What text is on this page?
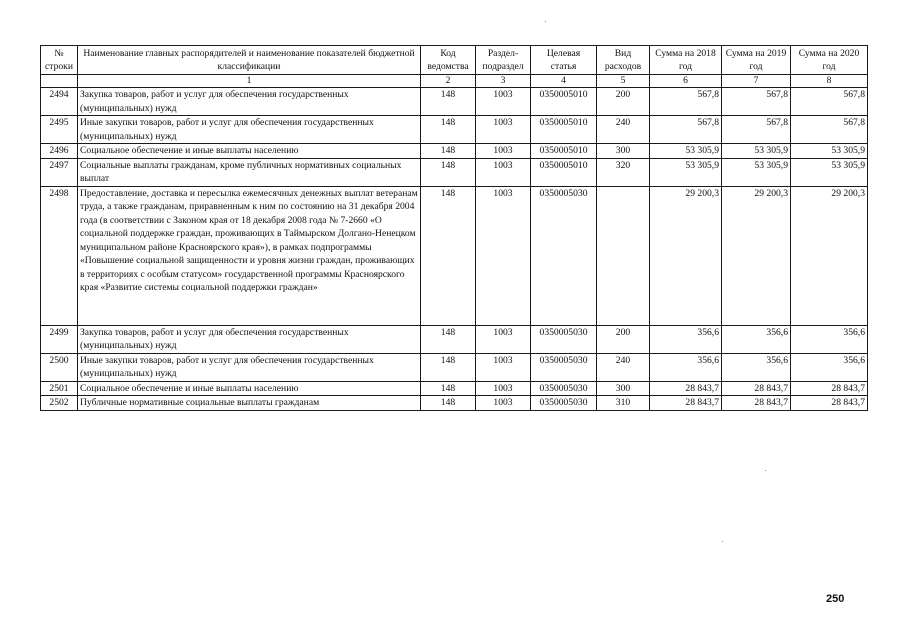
№ строки	Наименование главных распорядителей и наименование показателей бюджетной классификации	Код ведомства	Раздел-подраздел	Целевая статья	Вид расходов	Сумма на 2018 год	Сумма на 2019 год	Сумма на 2020 год
	1	2	3	4	5	6	7	8
2494	Закупка товаров, работ и услуг для обеспечения государственных (муниципальных) нужд	148	1003	0350005010	200	567,8	567,8	567,8
2495	Иные закупки товаров, работ и услуг для обеспечения государственных (муниципальных) нужд	148	1003	0350005010	240	567,8	567,8	567,8
2496	Социальное обеспечение и иные выплаты населению	148	1003	0350005010	300	53 305,9	53 305,9	53 305,9
2497	Социальные выплаты гражданам, кроме публичных нормативных социальных выплат	148	1003	0350005010	320	53 305,9	53 305,9	53 305,9
2498	Предоставление, доставка и пересылка ежемесячных денежных выплат ветеранам труда, а также гражданам, приравненным к ним по состоянию на 31 декабря 2004 года (в соответствии с Законом края от 18 декабря 2008 года № 7-2660 «О социальной поддержке граждан, проживающих в Таймырском Долгано-Ненецком муниципальном районе Красноярского края»), в рамках подпрограммы «Повышение социальной защищенности и уровня жизни граждан, проживающих в территориях с особым статусом» государственной программы Красноярского края «Развитие системы социальной поддержки граждан»	148	1003	0350005030		29 200,3	29 200,3	29 200,3
2499	Закупка товаров, работ и услуг для обеспечения государственных (муниципальных) нужд	148	1003	0350005030	200	356,6	356,6	356,6
2500	Иные закупки товаров, работ и услуг для обеспечения государственных (муниципальных) нужд	148	1003	0350005030	240	356,6	356,6	356,6
2501	Социальное обеспечение и иные выплаты населению	148	1003	0350005030	300	28 843,7	28 843,7	28 843,7
2502	Публичные нормативные социальные выплаты гражданам	148	1003	0350005030	310	28 843,7	28 843,7	28 843,7
250
